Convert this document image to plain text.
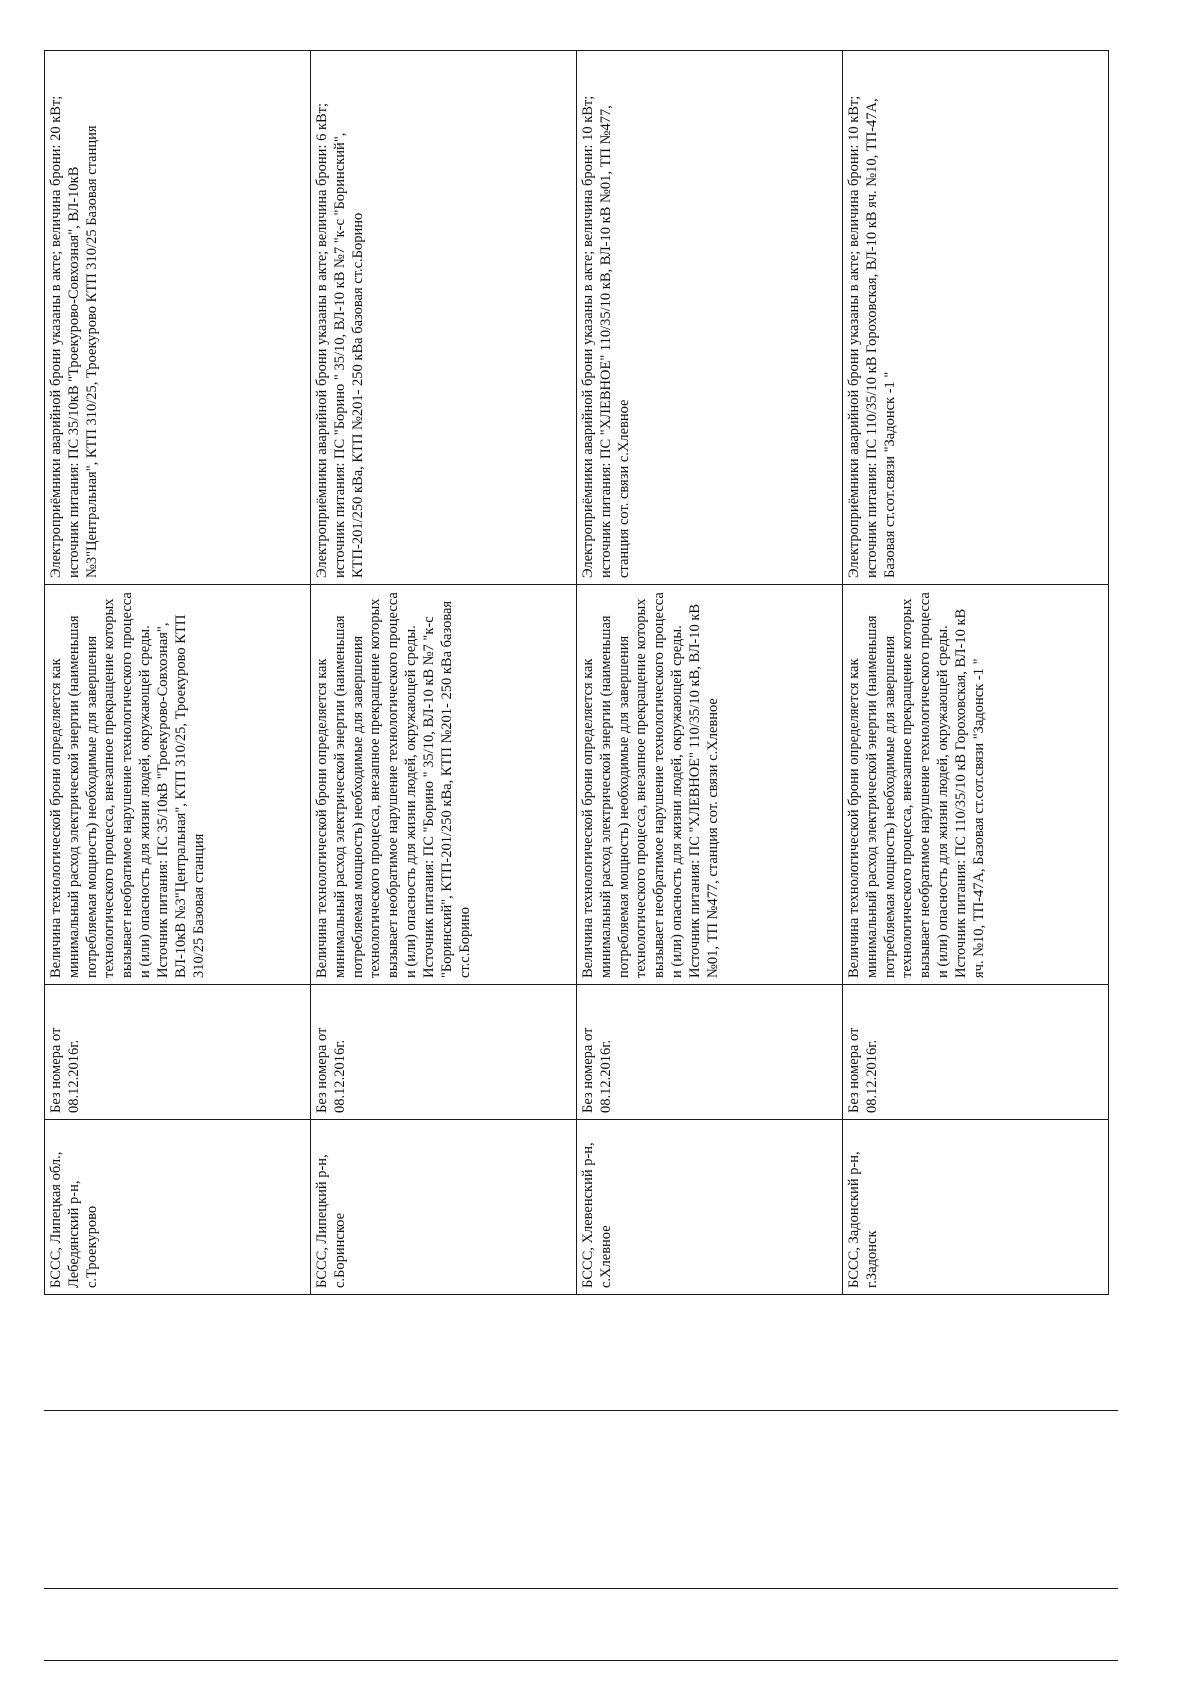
БССС, Липецкая обл., Лебедянский р-н, с.Троекурово
Без номера от 08.12.2016г.
Величина технологической брони определяется как минимальный расход электрической энергии (наименьшая потребляемая мощность) необходимые для завершения технологического процесса, внезапное прекращение которых вызывает необратимое нарушение технологического процесса и (или) опасность для жизни людей, окружающей среды. Источник питания: ПС 35/10кВ "Троекурово-Совхозная", ВЛ-10кВ №3"Центральная", КТП 310/25, Троекурово КТП 310/25 Базовая станция
Электроприёмники аварийной брони указаны в акте; величина брони: 20 кВт; источник питания: ПС 35/10кВ "Троекурово-Совхозная", ВЛ-10кВ №3"Центральная", КТП 310/25, Троекурово КТП 310/25 Базовая станция
БССС, Липецкий р-н, с.Боринское
Без номера от 08.12.2016г.
Величина технологической брони определяется как минимальный расход электрической энергии (наименьшая потребляемая мощность) необходимые для завершения технологического процесса, внезапное прекращение которых вызывает необратимое нарушение технологического процесса и (или) опасность для жизни людей, окружающей среды. Источник питания: ПС "Борино " 35/10, ВЛ-10 кВ №7 "к-с "Боринский", КТП-201/250 кВа, КТП №201- 250 кВа базовая ст.с.Борино
Электроприёмники аварийной брони указаны в акте; величина брони: 6 кВт; источник питания: ПС "Борино " 35/10, ВЛ-10 кВ №7 "к-с "Боринский", КТП-201/250 кВа, КТП №201- 250 кВа базовая ст.с.Борино
БССС, Хлевенский р-н, с.Хлевное
Без номера от 08.12.2016г.
Величина технологической брони определяется как минимальный расход электрической энергии (наименьшая потребляемая мощность) необходимые для завершения технологического процесса, внезапное прекращение которых вызывает необратимое нарушение технологического процесса и (или) опасность для жизни людей, окружающей среды. Источник питания: ПС "ХЛЕВНОЕ" 110/35/10 кВ, ВЛ-10 кВ №01, ТП №477, станция сот. связи с.Хлевное
Электроприёмники аварийной брони указаны в акте; величина брони: 10 кВт; источник питания: ПС "ХЛЕВНОЕ" 110/35/10 кВ, ВЛ-10 кВ №01, ТП №477, станция сот. связи с.Хлевное
БССС, Задонский р-н, г.Задонск
Без номера от 08.12.2016г.
Величина технологической брони определяется как минимальный расход электрической энергии (наименьшая потребляемая мощность) необходимые для завершения технологического процесса, внезапное прекращение которых вызывает необратимое нарушение технологического процесса и (или) опасность для жизни людей, окружающей среды. Источник питания: ПС 110/35/10 кВ Гороховская, ВЛ-10 кВ яч. №10, ТП-47А, Базовая ст.сот.связи "Задонск -1 "
Электроприёмники аварийной брони указаны в акте; величина брони: 10 кВт; источник питания: ПС 110/35/10 кВ Гороховская, ВЛ-10 кВ яч. №10, ТП-47А, Базовая ст.сот.связи "Задонск -1 "
